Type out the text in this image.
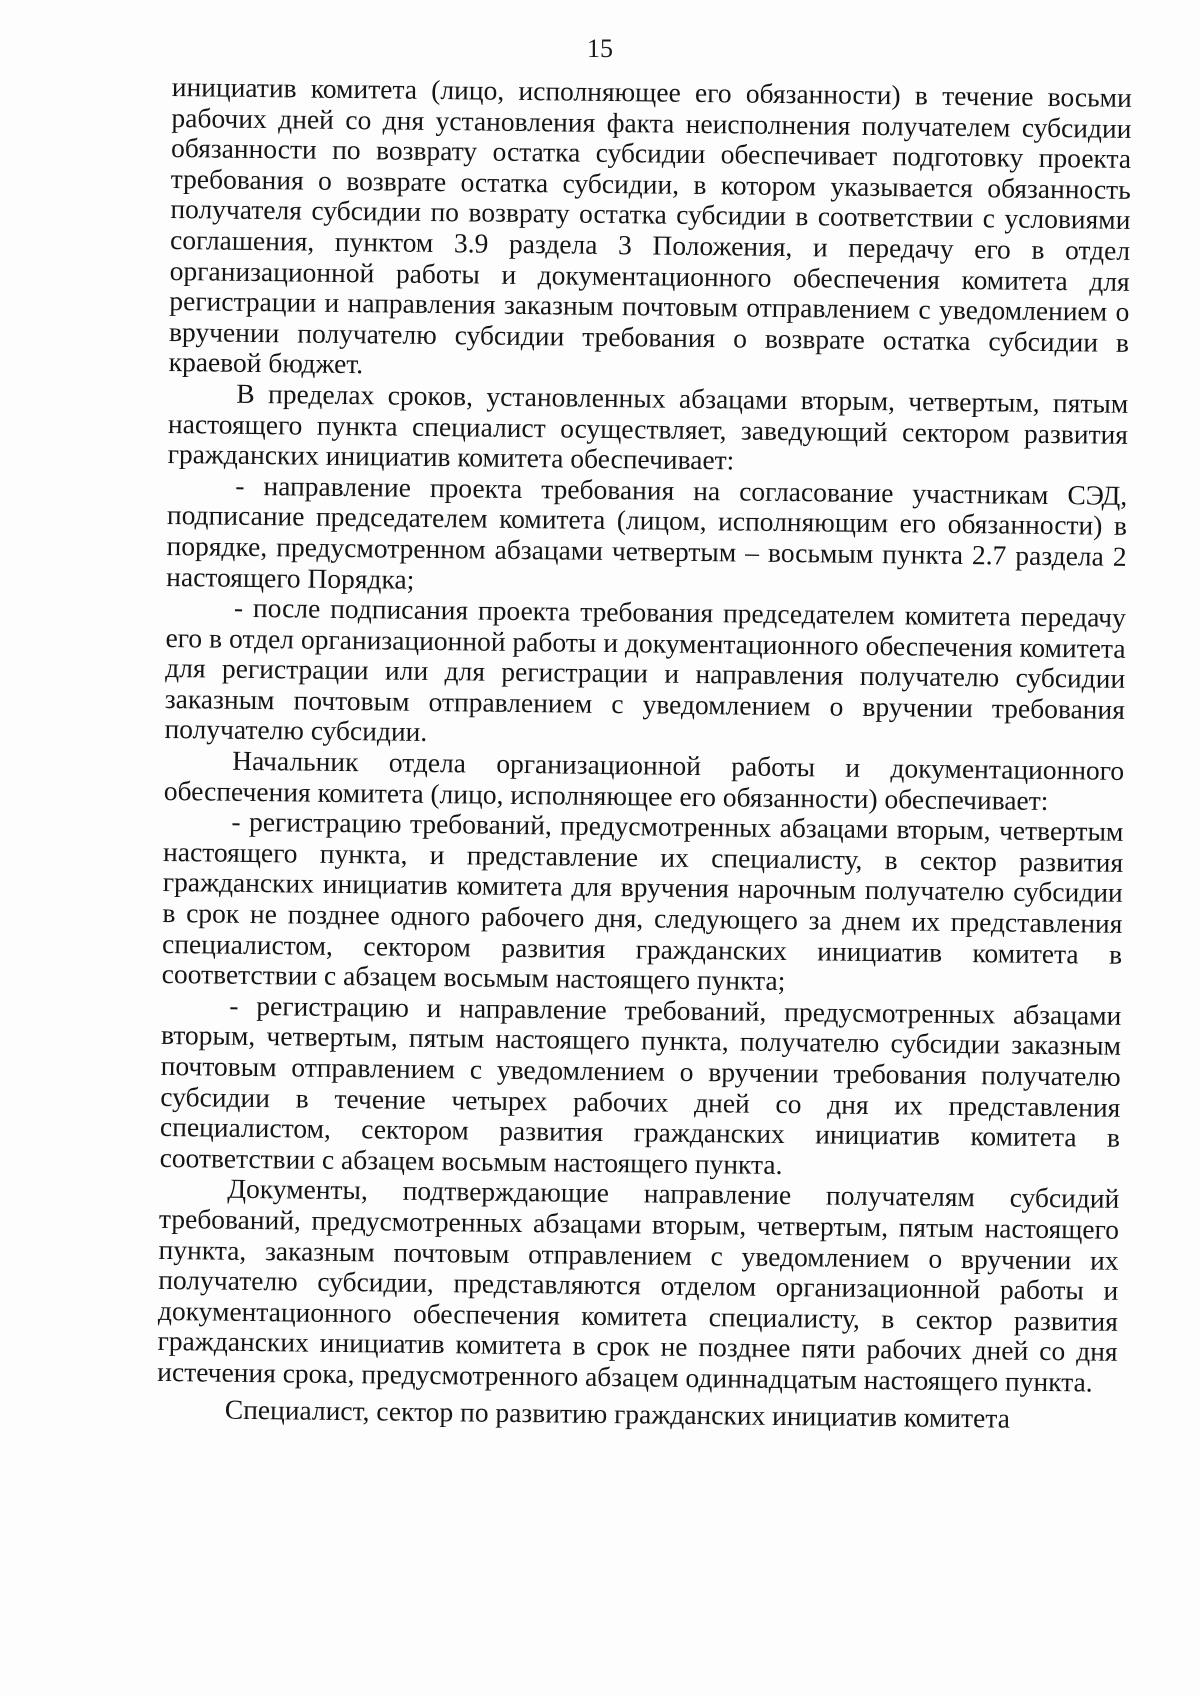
15

инициатив комитета (лицо, исполняющее его обязанности) в течение восьми рабочих дней со дня установления факта неисполнения получателем субсидии обязанности по возврату остатка субсидии обеспечивает подготовку проекта требования о возврате остатка субсидии, в котором указывается обязанность получателя субсидии по возврату остатка субсидии в соответствии с условиями соглашения, пунктом 3.9 раздела 3 Положения, и передачу его в отдел организационной работы и документационного обеспечения комитета для регистрации и направления заказным почтовым отправлением с уведомлением о вручении получателю субсидии требования о возврате остатка субсидии в краевой бюджет.

В пределах сроков, установленных абзацами вторым, четвертым, пятым настоящего пункта специалист осуществляет, заведующий сектором развития гражданских инициатив комитета обеспечивает:

- направление проекта требования на согласование участникам СЭД, подписание председателем комитета (лицом, исполняющим его обязанности) в порядке, предусмотренном абзацами четвертым – восьмым пункта 2.7 раздела 2 настоящего Порядка;

- после подписания проекта требования председателем комитета передачу его в отдел организационной работы и документационного обеспечения комитета для регистрации или для регистрации и направления получателю субсидии заказным почтовым отправлением с уведомлением о вручении требования получателю субсидии.

Начальник отдела организационной работы и документационного обеспечения комитета (лицо, исполняющее его обязанности) обеспечивает:

- регистрацию требований, предусмотренных абзацами вторым, четвертым настоящего пункта, и представление их специалисту, в сектор развития гражданских инициатив комитета для вручения нарочным получателю субсидии в срок не позднее одного рабочего дня, следующего за днем их представления специалистом, сектором развития гражданских инициатив комитета в соответствии с абзацем восьмым настоящего пункта;

- регистрацию и направление требований, предусмотренных абзацами вторым, четвертым, пятым настоящего пункта, получателю субсидии заказным почтовым отправлением с уведомлением о вручении требования получателю субсидии в течение четырех рабочих дней со дня их представления специалистом, сектором развития гражданских инициатив комитета в соответствии с абзацем восьмым настоящего пункта.

Документы, подтверждающие направление получателям субсидий требований, предусмотренных абзацами вторым, четвертым, пятым настоящего пункта, заказным почтовым отправлением с уведомлением о вручении их получателю субсидии, представляются отделом организационной работы и документационного обеспечения комитета специалисту, в сектор развития гражданских инициатив комитета в срок не позднее пяти рабочих дней со дня истечения срока, предусмотренного абзацем одиннадцатым настоящего пункта.

Специалист, сектор по развитию гражданских инициатив комитета
